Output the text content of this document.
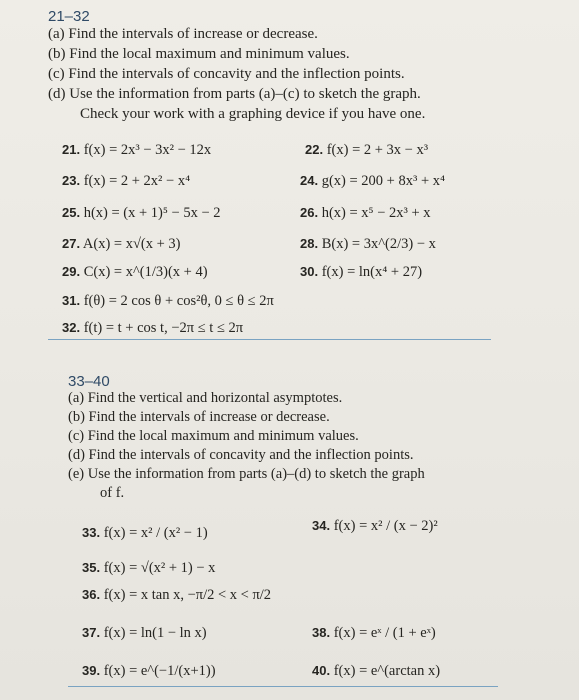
21–32
(a) Find the intervals of increase or decrease.
(b) Find the local maximum and minimum values.
(c) Find the intervals of concavity and the inflection points.
(d) Use the information from parts (a)–(c) to sketch the graph.
Check your work with a graphing device if you have one.
21. f(x) = 2x³ − 3x² − 12x	22. f(x) = 2 + 3x − x³
23. f(x) = 2 + 2x² − x⁴	24. g(x) = 200 + 8x³ + x⁴
25. h(x) = (x + 1)⁵ − 5x − 2	26. h(x) = x⁵ − 2x³ + x
27. A(x) = x√(x + 3)	28. B(x) = 3x^(2/3) − x
29. C(x) = x^(1/3)(x + 4)	30. f(x) = ln(x⁴ + 27)
31. f(θ) = 2 cos θ + cos²θ, 0 ≤ θ ≤ 2π
32. f(t) = t + cos t, −2π ≤ t ≤ 2π
33–40
(a) Find the vertical and horizontal asymptotes.
(b) Find the intervals of increase or decrease.
(c) Find the local maximum and minimum values.
(d) Find the intervals of concavity and the inflection points.
(e) Use the information from parts (a)–(d) to sketch the graph
of f.
33. f(x) = x² / (x² − 1)	34. f(x) = x² / (x − 2)²
35. f(x) = √(x² + 1) − x
36. f(x) = x tan x, −π/2 < x < π/2
37. f(x) = ln(1 − ln x)	38. f(x) = eˣ / (1 + eˣ)
39. f(x) = e^(−1/(x+1))	40. f(x) = e^(arctan x)
